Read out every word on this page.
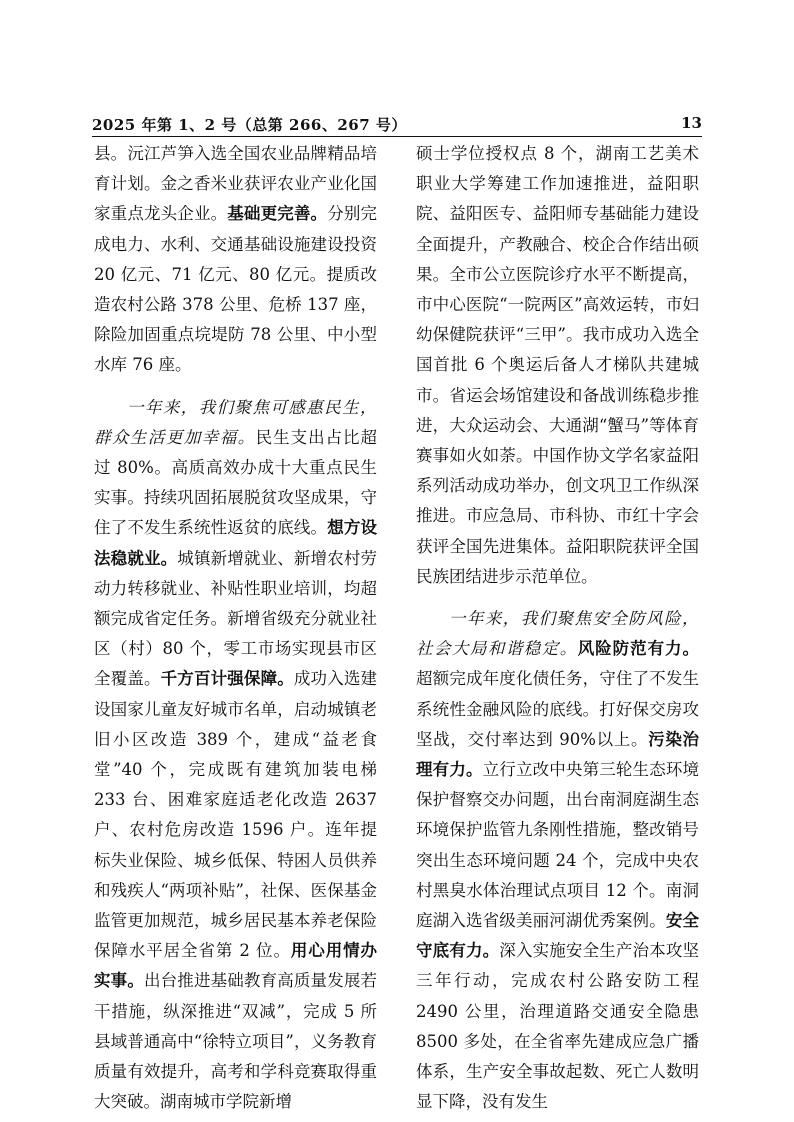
2025 年第 1、2 号（总第 266、267 号）	13

县。沅江芦笋入选全国农业品牌精品培育计划。金之香米业获评农业产业化国家重点龙头企业。基础更完善。分别完成电力、水利、交通基础设施建设投资 20 亿元、71 亿元、80 亿元。提质改造农村公路 378 公里、危桥 137 座，除险加固重点垸堤防 78 公里、中小型水库 76 座。

一年来，我们聚焦可感惠民生，群众生活更加幸福。民生支出占比超过 80%。高质高效办成十大重点民生实事。持续巩固拓展脱贫攻坚成果，守住了不发生系统性返贫的底线。想方设法稳就业。城镇新增就业、新增农村劳动力转移就业、补贴性职业培训，均超额完成省定任务。新增省级充分就业社区（村）80 个，零工市场实现县市区全覆盖。千方百计强保障。成功入选建设国家儿童友好城市名单，启动城镇老旧小区改造 389 个，建成“益老食堂”40 个，完成既有建筑加装电梯 233 台、困难家庭适老化改造 2637 户、农村危房改造 1596 户。连年提标失业保险、城乡低保、特困人员供养和残疾人“两项补贴”，社保、医保基金监管更加规范，城乡居民基本养老保险保障水平居全省第 2 位。用心用情办实事。出台推进基础教育高质量发展若干措施，纵深推进“双减”，完成 5 所县域普通高中“徐特立项目”，义务教育质量有效提升，高考和学科竞赛取得重大突破。湖南城市学院新增

硕士学位授权点 8 个，湖南工艺美术职业大学筹建工作加速推进，益阳职院、益阳医专、益阳师专基础能力建设全面提升，产教融合、校企合作结出硕果。全市公立医院诊疗水平不断提高，市中心医院“一院两区”高效运转，市妇幼保健院获评“三甲”。我市成功入选全国首批 6 个奥运后备人才梯队共建城市。省运会场馆建设和备战训练稳步推进，大众运动会、大通湖“蟹马”等体育赛事如火如荼。中国作协文学名家益阳系列活动成功举办，创文巩卫工作纵深推进。市应急局、市科协、市红十字会获评全国先进集体。益阳职院获评全国民族团结进步示范单位。

一年来，我们聚焦安全防风险，社会大局和谐稳定。风险防范有力。超额完成年度化债任务，守住了不发生系统性金融风险的底线。打好保交房攻坚战，交付率达到 90%以上。污染治理有力。立行立改中央第三轮生态环境保护督察交办问题，出台南洞庭湖生态环境保护监管九条刚性措施，整改销号突出生态环境问题 24 个，完成中央农村黑臭水体治理试点项目 12 个。南洞庭湖入选省级美丽河湖优秀案例。安全守底有力。深入实施安全生产治本攻坚三年行动，完成农村公路安防工程 2490 公里，治理道路交通安全隐患 8500 多处，在全省率先建成应急广播体系，生产安全事故起数、死亡人数明显下降，没有发生
